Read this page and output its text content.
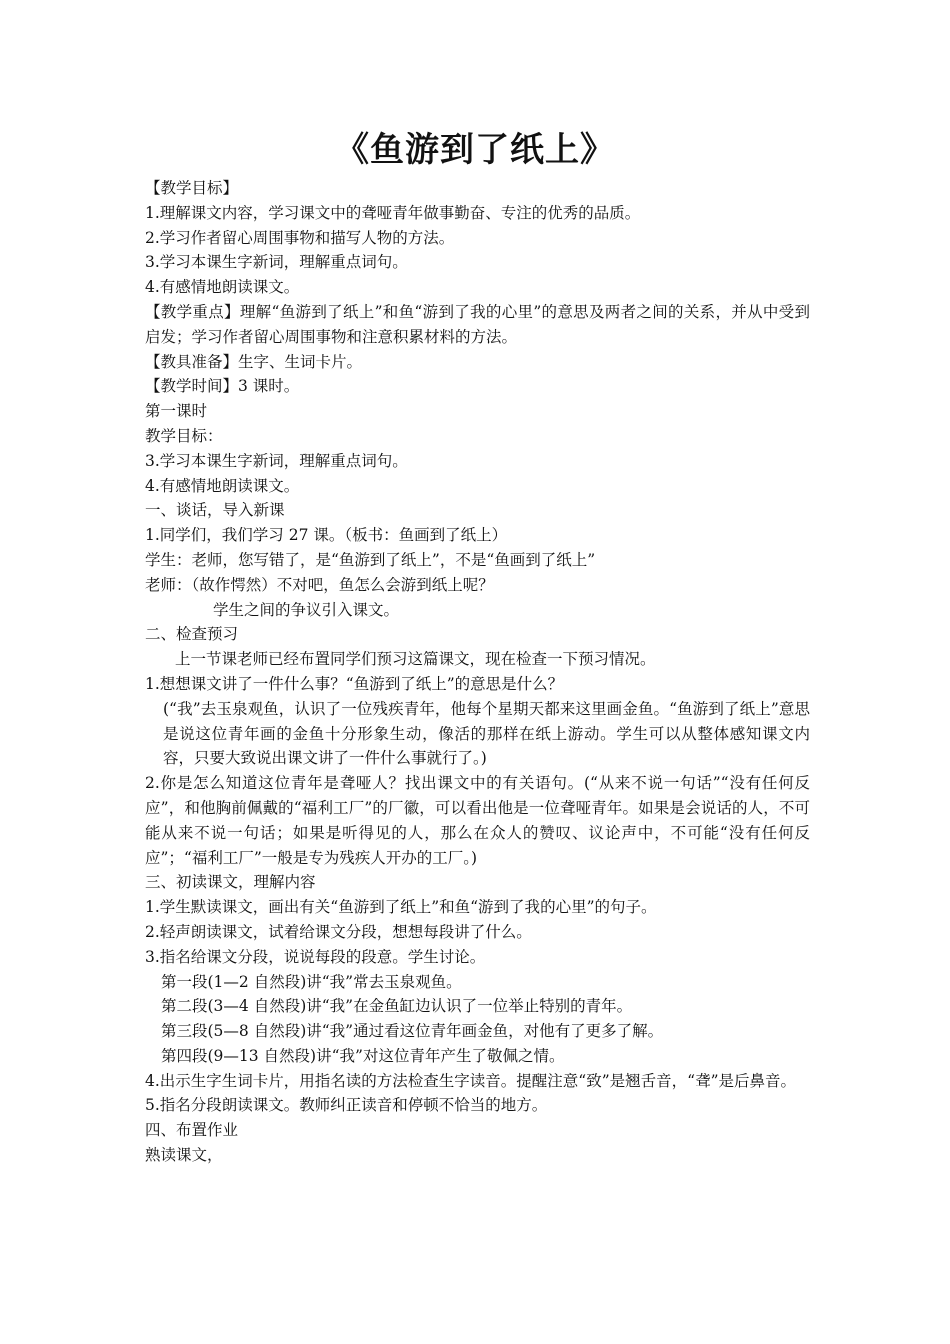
《鱼游到了纸上》
【教学目标】
1.理解课文内容，学习课文中的聋哑青年做事勤奋、专注的优秀的品质。
2.学习作者留心周围事物和描写人物的方法。
3.学习本课生字新词，理解重点词句。
4.有感情地朗读课文。
【教学重点】理解“鱼游到了纸上”和鱼“游到了我的心里”的意思及两者之间的关系，并从中受到启发；学习作者留心周围事物和注意积累材料的方法。
【教具准备】生字、生词卡片。
【教学时间】3 课时。
第一课时
教学目标：
3.学习本课生字新词，理解重点词句。
4.有感情地朗读课文。
一、谈话，导入新课
1.同学们，我们学习 27 课。（板书：鱼画到了纸上）
学生：老师，您写错了，是“鱼游到了纸上”，不是“鱼画到了纸上”
老师：（故作愕然）不对吧，鱼怎么会游到纸上呢？
学生之间的争议引入课文。
二、检查预习
上一节课老师已经布置同学们预习这篇课文，现在检查一下预习情况。
1.想想课文讲了一件什么事？“鱼游到了纸上”的意思是什么？
(“我”去玉泉观鱼，认识了一位残疾青年，他每个星期天都来这里画金鱼。“鱼游到了纸上”意思是说这位青年画的金鱼十分形象生动，像活的那样在纸上游动。学生可以从整体感知课文内容，只要大致说出课文讲了一件什么事就行了。)
2.你是怎么知道这位青年是聋哑人？找出课文中的有关语句。(“从来不说一句话”“没有任何反应”，和他胸前佩戴的“福利工厂”的厂徽，可以看出他是一位聋哑青年。如果是会说话的人，不可能从来不说一句话；如果是听得见的人，那么在众人的赞叹、议论声中，不可能“没有任何反应”；“福利工厂”一般是专为残疾人开办的工厂。)
三、初读课文，理解内容
1.学生默读课文，画出有关“鱼游到了纸上”和鱼“游到了我的心里”的句子。
2.轻声朗读课文，试着给课文分段，想想每段讲了什么。
3.指名给课文分段，说说每段的段意。学生讨论。
第一段(1—2 自然段)讲“我”常去玉泉观鱼。
第二段(3—4 自然段)讲“我”在金鱼缸边认识了一位举止特别的青年。
第三段(5—8 自然段)讲“我”通过看这位青年画金鱼，对他有了更多了解。
第四段(9—13 自然段)讲“我”对这位青年产生了敬佩之情。
4.出示生字生词卡片，用指名读的方法检查生字读音。提醒注意“致”是翘舌音，“聋”是后鼻音。
5.指名分段朗读课文。教师纠正读音和停顿不恰当的地方。
四、布置作业
熟读课文，
